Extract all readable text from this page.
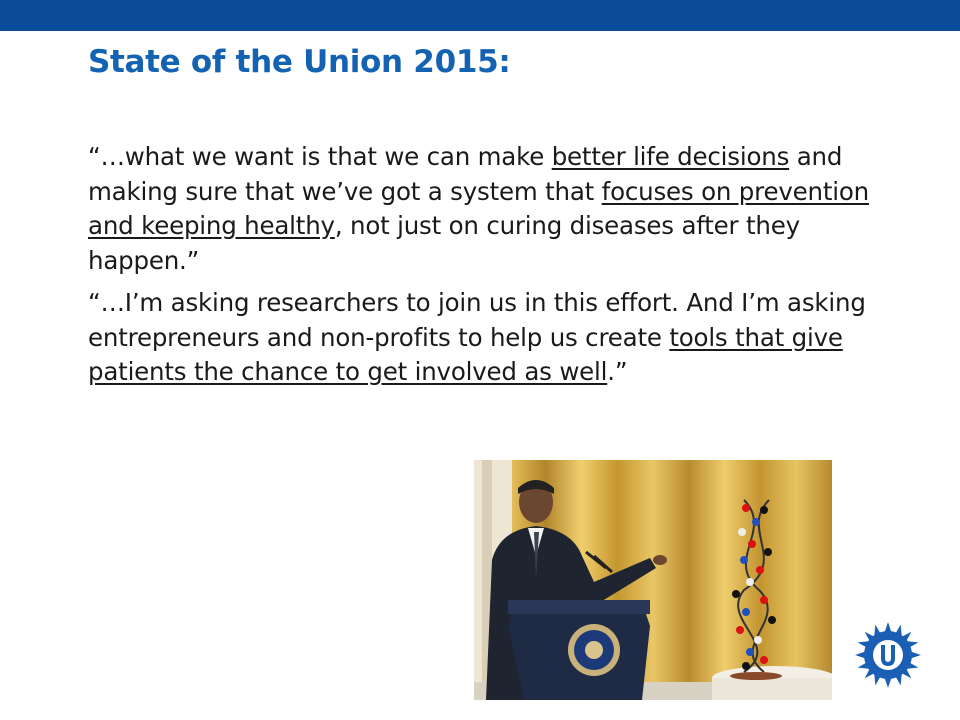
State of the Union 2015:

“…what we want is that we can make better life decisions and making sure that we’ve got a system that focuses on prevention and keeping healthy, not just on curing diseases after they happen.”

“…I’m asking researchers to join us in this effort. And I’m asking entrepreneurs and non-profits to help us create tools that give patients the chance to get involved as well.”
